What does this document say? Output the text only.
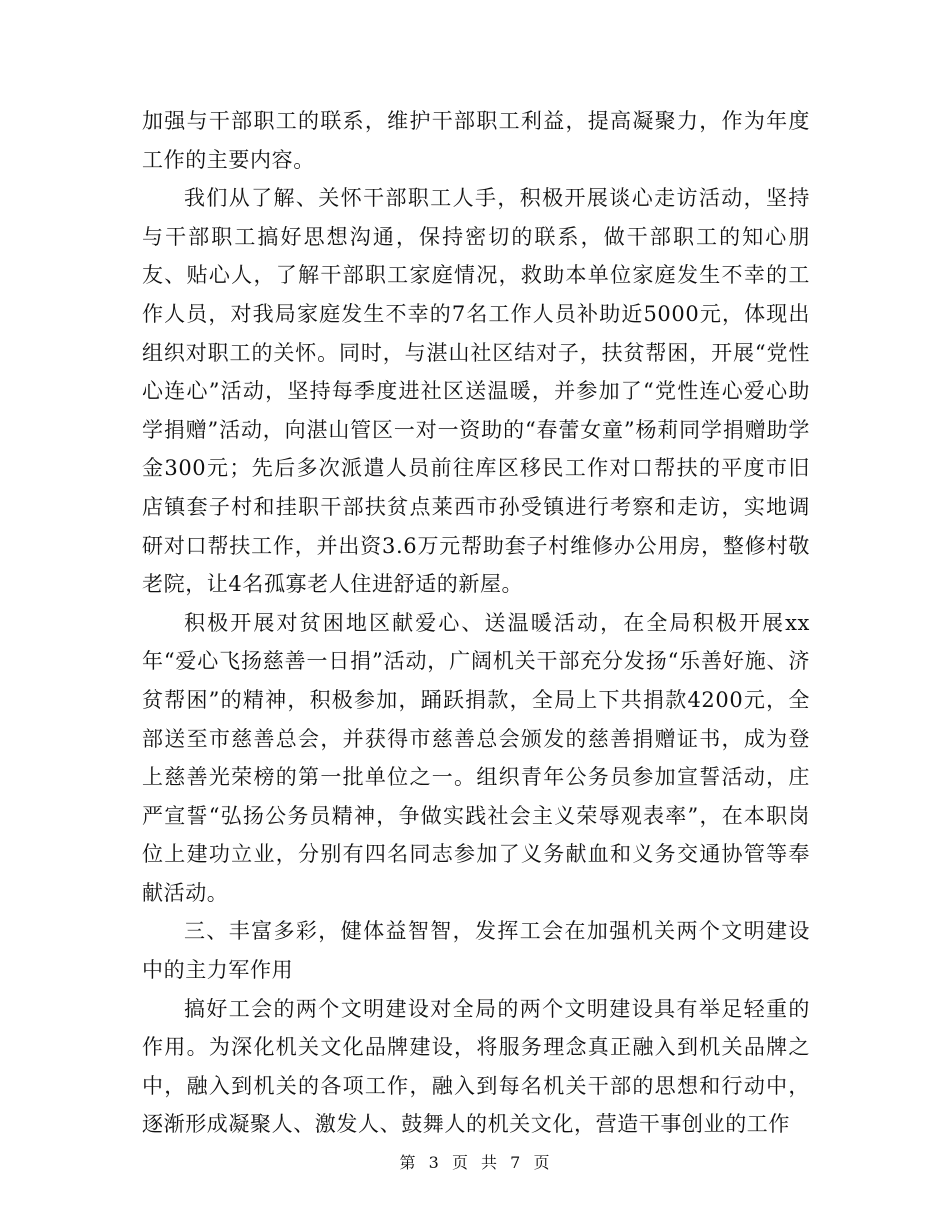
加强与干部职工的联系，维护干部职工利益，提高凝聚力，作为年度工作的主要内容。

我们从了解、关怀干部职工人手，积极开展谈心走访活动，坚持与干部职工搞好思想沟通，保持密切的联系，做干部职工的知心朋友、贴心人，了解干部职工家庭情况，救助本单位家庭发生不幸的工作人员，对我局家庭发生不幸的7名工作人员补助近5000元，体现出组织对职工的关怀。同时，与湛山社区结对子，扶贫帮困，开展“党性心连心”活动，坚持每季度进社区送温暖，并参加了“党性连心爱心助学捐赠”活动，向湛山管区一对一资助的“春蕾女童”杨莉同学捐赠助学金300元；先后多次派遣人员前往库区移民工作对口帮扶的平度市旧店镇套子村和挂职干部扶贫点莱西市孙受镇进行考察和走访，实地调研对口帮扶工作，并出资3.6万元帮助套子村维修办公用房，整修村敬老院，让4名孤寡老人住进舒适的新屋。

积极开展对贫困地区献爱心、送温暖活动，在全局积极开展xx年“爱心飞扬慈善一日捐”活动，广阔机关干部充分发扬“乐善好施、济贫帮困”的精神，积极参加，踊跃捐款，全局上下共捐款4200元，全部送至市慈善总会，并获得市慈善总会颁发的慈善捐赠证书，成为登上慈善光荣榜的第一批单位之一。组织青年公务员参加宣誓活动，庄严宣誓“弘扬公务员精神，争做实践社会主义荣辱观表率”，在本职岗位上建功立业，分别有四名同志参加了义务献血和义务交通协管等奉献活动。

三、丰富多彩，健体益智智，发挥工会在加强机关两个文明建设中的主力军作用

搞好工会的两个文明建设对全局的两个文明建设具有举足轻重的作用。为深化机关文化品牌建设，将服务理念真正融入到机关品牌之中，融入到机关的各项工作，融入到每名机关干部的思想和行动中，逐渐形成凝聚人、激发人、鼓舞人的机关文化，营造干事创业的工作

第 3 页 共 7 页
